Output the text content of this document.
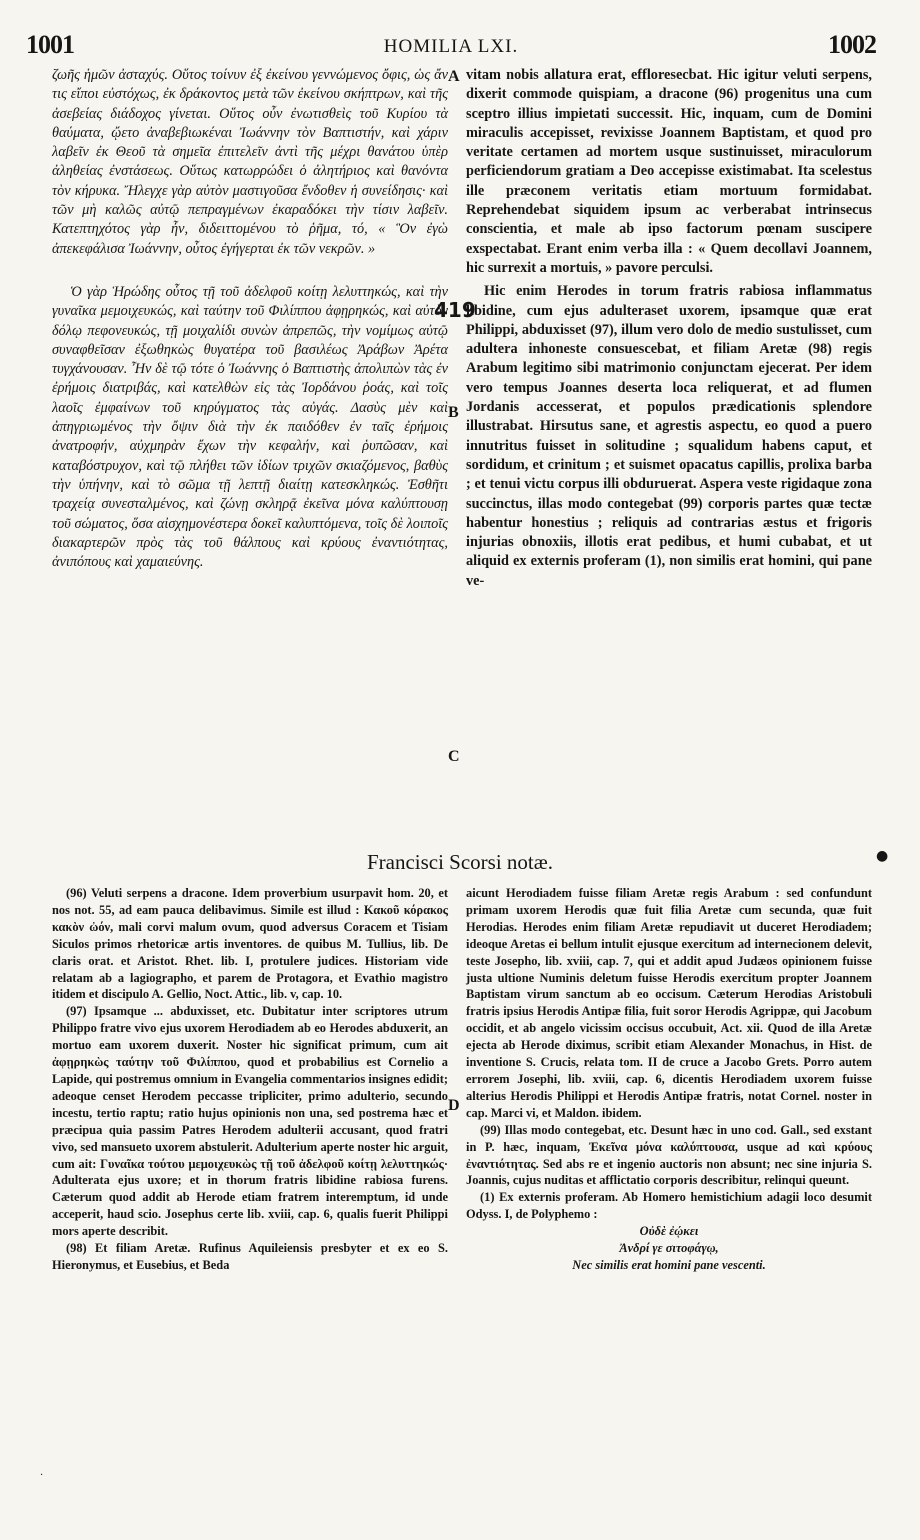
1001	HOMILIA LXI.	1002

ζωῆς ἡμῶν ἀσταχύς. Οὕτος τοίνυν ἐξ ἐκείνου γεννώμενος ὄφις, ὡς ἄν τις εἴποι εὐστόχως, ἐκ δράκοντος μετὰ τῶν ἐκείνου σκήπτρων, καὶ τῆς ἀσεβείας διάδοχος γίνεται. Οὕτος οὖν ἐνωτισθεὶς τοῦ Κυρίου τὰ θαύματα, ᾤετο ἀναβεβιωκέναι Ἰωάννην τὸν Βαπτιστήν, καὶ χάριν λαβεῖν ἐκ Θεοῦ τὰ σημεῖα ἐπιτελεῖν ἀντὶ τῆς μέχρι θανάτου ὑπὲρ ἀληθείας ἐνστάσεως. Οὕτως κατωρρώδει ὁ ἀλητήριος καὶ θανόντα τὸν κήρυκα. Ἤλεγχε γὰρ αὐτὸν μαστιγοῦσα ἔνδοθεν ἡ συνείδησις· καὶ τῶν μὴ καλῶς αὐτῷ πεπραγμένων ἐκαραδόκει τὴν τίσιν λαβεῖν. Κατεπτηχότος γὰρ ἦν, διδειττομένου τὸ ῥῆμα, τό, « Ὃν ἐγὼ ἀπεκεφάλισα Ἰωάννην, οὗτος ἐγήγερται ἐκ τῶν νεκρῶν. »

Ὁ γὰρ Ἡρώδης οὗτος τῇ τοῦ ἀδελφοῦ κοίτῃ λελυττηκώς, καὶ τὴν γυναῖκα μεμοιχευκώς, καὶ ταύτην τοῦ Φιλίππου ἀφῃρηκώς, καὶ αὐτὸν δόλῳ πεφονευκώς, τῇ μοιχαλίδι συνὼν ἀπρεπῶς, τὴν νομίμως αὐτῷ συναφθεῖσαν ἐξωθηκὼς θυγατέρα τοῦ βασιλέως Ἀράβων Ἀρέτα τυγχάνουσαν. Ἦν δὲ τῷ τότε ὁ Ἰωάννης ὁ Βαπτιστὴς ἀπολιπὼν τὰς ἐν ἐρήμοις διατριβάς, καὶ κατελθὼν εἰς τὰς Ἰορδάνου ῥοάς, καὶ τοῖς λαοῖς ἐμφαίνων τοῦ κηρύγματος τὰς αὐγάς. Δασὺς μὲν καὶ ἀπηγριωμένος τὴν ὄψιν διὰ τὴν ἐκ παιδόθεν ἐν ταῖς ἐρήμοις ἀνατροφήν, αὐχμηρὰν ἔχων τὴν κεφαλήν, καὶ ῥυπῶσαν, καὶ καταβόστρυχον, καὶ τῷ πλήθει τῶν ἰδίων τριχῶν σκιαζόμενος, βαθὺς τὴν ὑπήνην, καὶ τὸ σῶμα τῇ λεπτῇ διαίτῃ κατεσκληκώς. Ἐσθῆτι τραχείᾳ συνεσταλμένος, καὶ ζώνῃ σκληρᾷ ἐκεῖνα μόνα καλύπτουσῃ τοῦ σώματος, ὅσα αἰσχημονέστερα δοκεῖ καλυπτόμενα, τοῖς δὲ λοιποῖς διακαρτερῶν πρὸς τὰς τοῦ θάλπους καὶ κρύους ἐναντιότητας, ἀνιπόπους καὶ χαμαιεύνης.

vitam nobis allatura erat, effloresecbat. Hic igitur veluti serpens, dixerit commode quispiam, a dracone (96) progenitus una cum sceptro illius impietati successit. Hic, inquam, cum de Domini miraculis accepisset, revixisse Joannem Baptistam, et quod pro veritate certamen ad mortem usque sustinuisset, miraculorum perficiendorum gratiam a Deo accepisse existimabat. Ita scelestus ille præconem veritatis etiam mortuum formidabat. Reprehendebat siquidem ipsum ac verberabat intrinsecus conscientia, et male ab ipso factorum pœnam suscipere exspectabat. Erant enim verba illa : « Quem decollavi Joannem, hic surrexit a mortuis, » pavore perculsi.

Hic enim Herodes in torum fratris rabiosa inflammatus libidine, cum ejus adulteraset uxorem, ipsamque quæ erat Philippi, abduxisset (97), illum vero dolo de medio sustulisset, cum adultera inhoneste consuescebat, et filiam Aretæ (98) regis Arabum legitimo sibi matrimonio conjunctam ejecerat. Per idem vero tempus Joannes deserta loca reliquerat, et ad flumen Jordanis accesserat, et populos prædicationis splendore illustrabat. Hirsutus sane, et agrestis aspectu, eo quod a puero innutritus fuisset in solitudine ; squalidum habens caput, et sordidum, et crinitum ; et suismet opacatus capillis, prolixa barba ; et tenui victu corpus illi obduruerat. Aspera veste rigidaque zona succinctus, illas modo contegebat (99) corporis partes quæ tectæ habentur honestius ; reliquis ad contrarias æstus et frigoris injurias obnoxiis, illotis erat pedibus, et humi cubabat, et ut aliquid ex externis proferam (1), non similis erat homini, qui pane ve-

A
B
C
D
419
●
Francisci Scorsi notæ.

(96) Veluti serpens a dracone. Idem proverbium usurpavit hom. 20, et nos not. 55, ad eam pauca delibavimus. Simile est illud : Κακοῦ κόρακος κακὸν ὠόν, mali corvi malum ovum, quod adversus Coracem et Tisiam Siculos primos rhetoricæ artis inventores. de quibus M. Tullius, lib. De claris orat. et Aristot. Rhet. lib. I, protulere judices. Historiam vide relatam ab a lagiographo, et parem de Protagora, et Evathio magistro itidem et discipulo A. Gellio, Noct. Attic., lib. v, cap. 10.

(97) Ipsamque ... abduxisset, etc. Dubitatur inter scriptores utrum Philippo fratre vivo ejus uxorem Herodiadem ab eo Herodes abduxerit, an mortuo eam uxorem duxerit. Noster hic significat primum, cum ait ἀφῃρηκὼς ταύτην τοῦ Φιλίππου, quod et probabilius est Cornelio a Lapide, qui postremus omnium in Evangelia commentarios insignes edidit; adeoque censet Herodem peccasse tripliciter, primo adulterio, secundo incestu, tertio raptu; ratio hujus opinionis non una, sed postrema hæc et præcipua quia passim Patres Herodem adulterii accusant, quod fratri vivo, sed mansueto uxorem abstulerit. Adulterium aperte noster hic arguit, cum ait: Γυναῖκα τούτου μεμοιχευκὼς τῇ τοῦ ἀδελφοῦ κοίτῃ λελυττηκώς· Adulterata ejus uxore; et in thorum fratris libidine rabiosa furens. Cæterum quod addit ab Herode etiam fratrem interemptum, id unde acceperit, haud scio. Josephus certe lib. xviii, cap. 6, qualis fuerit Philippi mors aperte describit.

(98) Et filiam Aretæ. Rufinus Aquileiensis presbyter et ex eo S. Hieronymus, et Eusebius, et Beda

aicunt Herodiadem fuisse filiam Aretæ regis Arabum : sed confundunt primam uxorem Herodis quæ fuit filia Aretæ cum secunda, quæ fuit Herodias. Herodes enim filiam Aretæ repudiavit ut duceret Herodiadem; ideoque Aretas ei bellum intulit ejusque exercitum ad internecionem delevit, teste Josepho, lib. xviii, cap. 7, qui et addit apud Judæos opinionem fuisse justa ultione Numinis deletum fuisse Herodis exercitum propter Joannem Baptistam virum sanctum ab eo occisum. Cæterum Herodias Aristobuli fratris ipsius Herodis Antipæ filia, fuit soror Herodis Agrippæ, qui Jacobum occidit, et ab angelo vicissim occisus occubuit, Act. xii. Quod de illa Aretæ ejecta ab Herode diximus, scribit etiam Alexander Monachus, in Hist. de inventione S. Crucis, relata tom. II de cruce a Jacobo Grets. Porro autem errorem Josephi, lib. xviii, cap. 6, dicentis Herodiadem uxorem fuisse alterius Herodis Philippi et Herodis Antipæ fratris, notat Cornel. noster in cap. Marci vi, et Maldon. ibidem.

(99) Illas modo contegebat, etc. Desunt hæc in uno cod. Gall., sed exstant in P. hæc, inquam, Ἐκεῖνα μόνα καλύπτουσα, usque ad καὶ κρύους ἐναντιότητας. Sed abs re et ingenio auctoris non absunt; nec sine injuria S. Joannis, cujus nuditas et afflictatio corporis describitur, relinqui queunt.

(1) Ex externis proferam. Ab Homero hemistichium adagii loco desumit Odyss. I, de Polyphemo :

Οὐδὲ ἐῴκει

Ἀνδρί γε σιτοφάγῳ,

Nec similis erat homini pane vescenti.

·
